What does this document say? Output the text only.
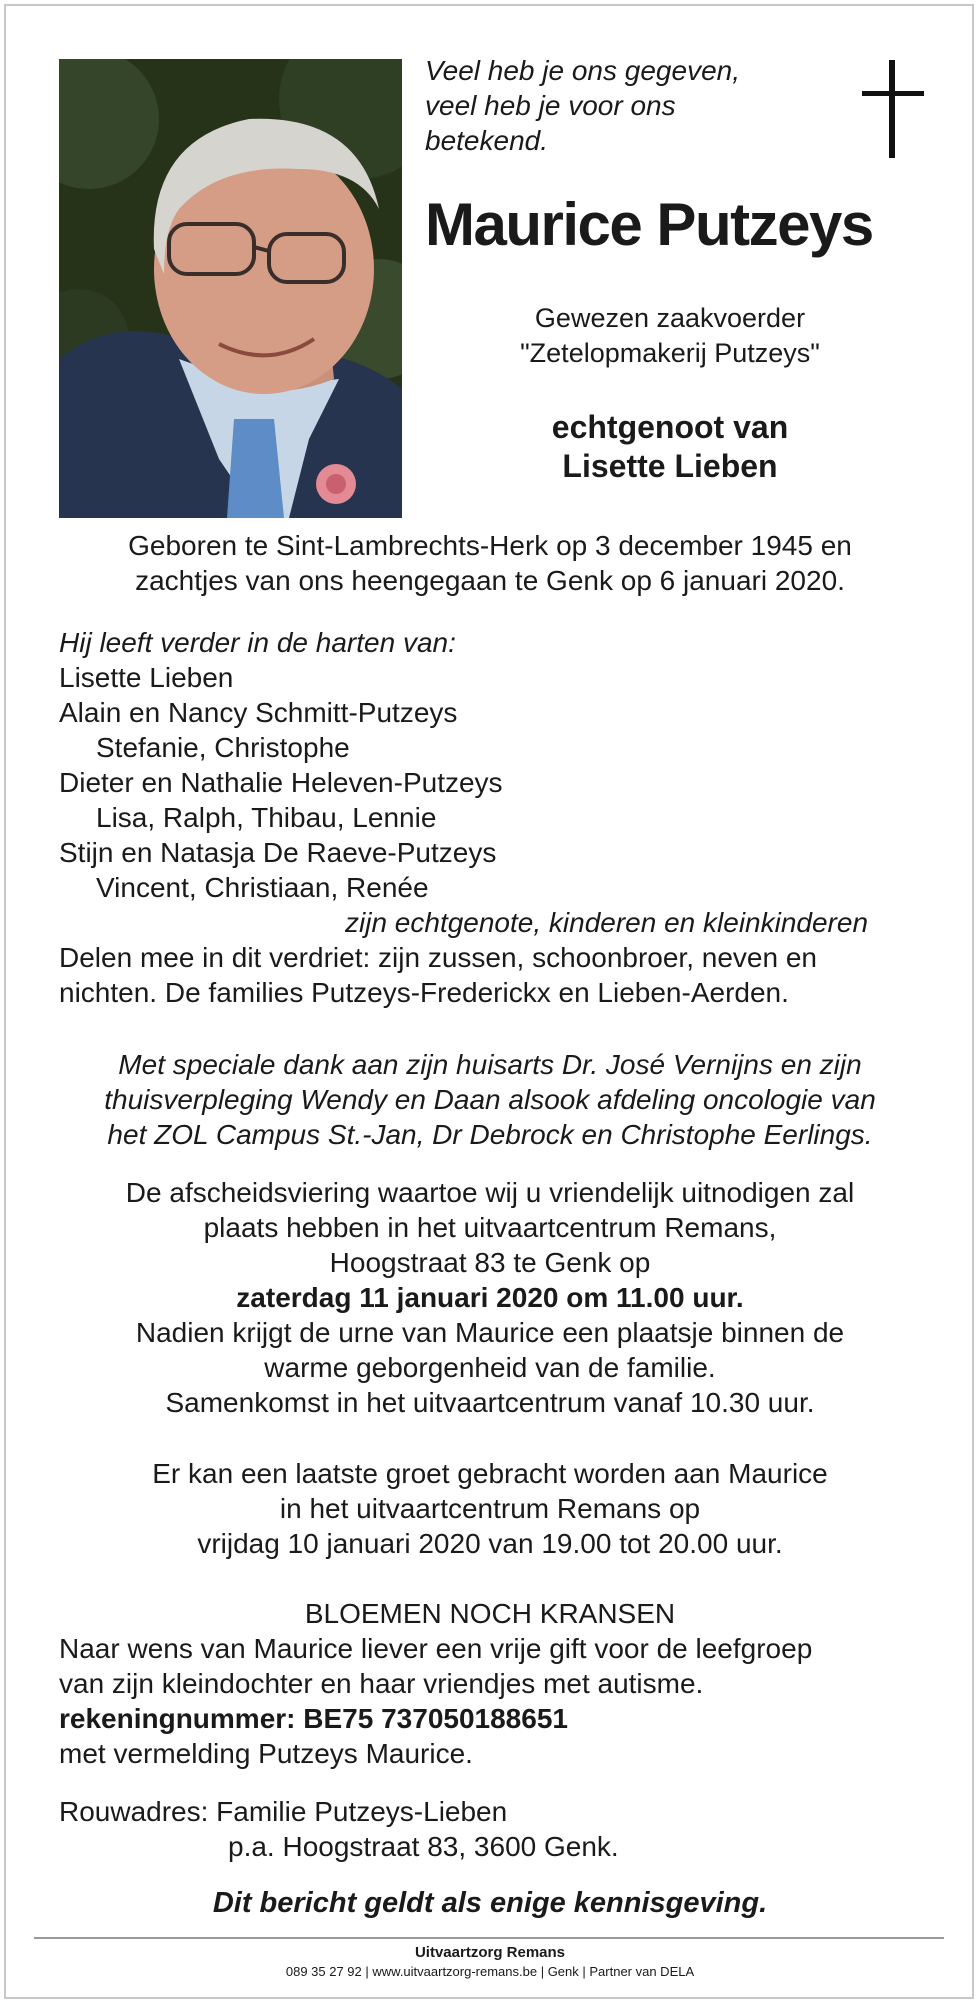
Veel heb je ons gegeven,
veel heb je voor ons
betekend.
Maurice Putzeys
Gewezen zaakvoerder
"Zetelopmakerij Putzeys"
echtgenoot van
Lisette Lieben
Geboren te Sint-Lambrechts-Herk op 3 december 1945 en
zachtjes van ons heengegaan te Genk op 6 januari 2020.
Hij leeft verder in de harten van:
Lisette Lieben
Alain en Nancy Schmitt-Putzeys
Stefanie, Christophe
Dieter en Nathalie Heleven-Putzeys
Lisa, Ralph, Thibau, Lennie
Stijn en Natasja De Raeve-Putzeys
Vincent, Christiaan, Renée
zijn echtgenote, kinderen en kleinkinderen
Delen mee in dit verdriet: zijn zussen, schoonbroer, neven en
nichten. De families Putzeys-Frederickx en Lieben-Aerden.
Met speciale dank aan zijn huisarts Dr. José Vernijns en zijn
thuisverpleging Wendy en Daan alsook afdeling oncologie van
het ZOL Campus St.-Jan, Dr Debrock en Christophe Eerlings.
De afscheidsviering waartoe wij u vriendelijk uitnodigen zal
plaats hebben in het uitvaartcentrum Remans,
Hoogstraat 83 te Genk op
zaterdag 11 januari 2020 om 11.00 uur.
Nadien krijgt de urne van Maurice een plaatsje binnen de
warme geborgenheid van de familie.
Samenkomst in het uitvaartcentrum vanaf 10.30 uur.
Er kan een laatste groet gebracht worden aan Maurice
in het uitvaartcentrum Remans op
vrijdag 10 januari 2020 van 19.00 tot 20.00 uur.
BLOEMEN NOCH KRANSEN
Naar wens van Maurice liever een vrije gift voor de leefgroep
van zijn kleindochter en haar vriendjes met autisme.
rekeningnummer: BE75 737050188651
met vermelding Putzeys Maurice.
Rouwadres: Familie Putzeys-Lieben
p.a. Hoogstraat 83, 3600 Genk.
Dit bericht geldt als enige kennisgeving.
Uitvaartzorg Remans
089 35 27 92 | www.uitvaartzorg-remans.be | Genk | Partner van DELA
